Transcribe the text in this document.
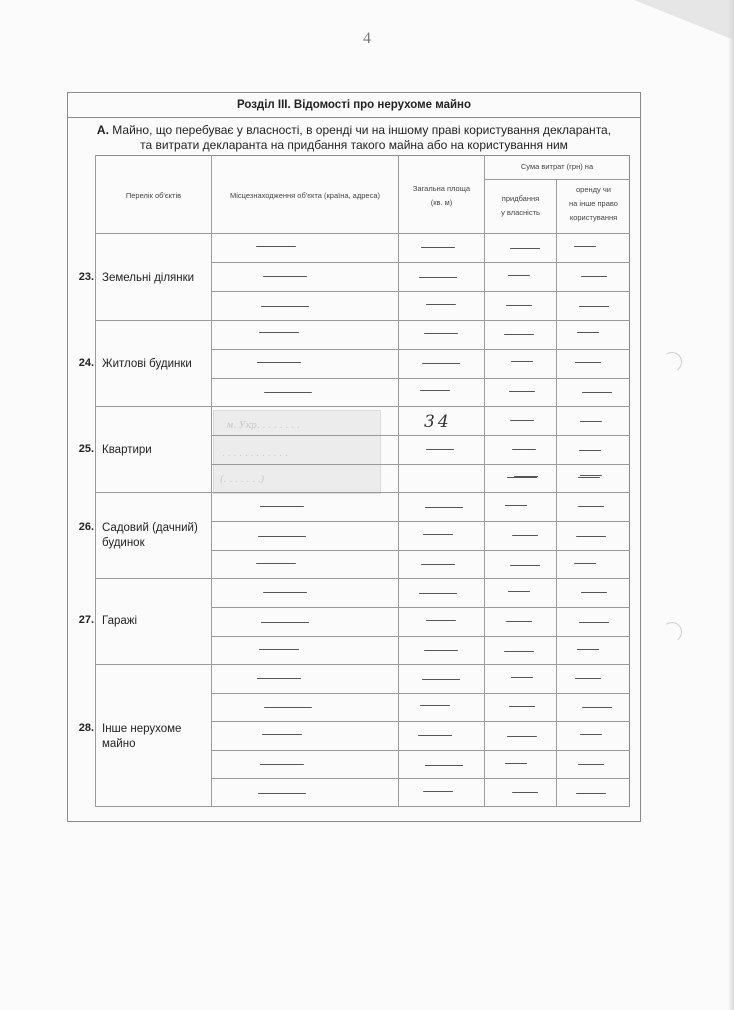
4
Розділ ІІІ. Відомості про нерухоме майно
А. Майно, що перебуває у власності, в оренді чи на іншому праві користування декларанта,
та витрати декларанта на придбання такого майна або на користування ним
Перелік об'єктів	Місцезнаходження об'єкта (країна, адреса)
Загальна площа
(кв. м)
Сума витрат (грн) на
придбання
у власність
оренду чи
на інше право
користування
23. Земельні ділянки
24. Житлові будинки
25. Квартири
26. Садовий (дачний) будинок
27. Гаражі
28. Інше нерухоме майно
м. Укр. . . . . . . .
. . . . . . . . . . . .
(. . . . . . .)
34
